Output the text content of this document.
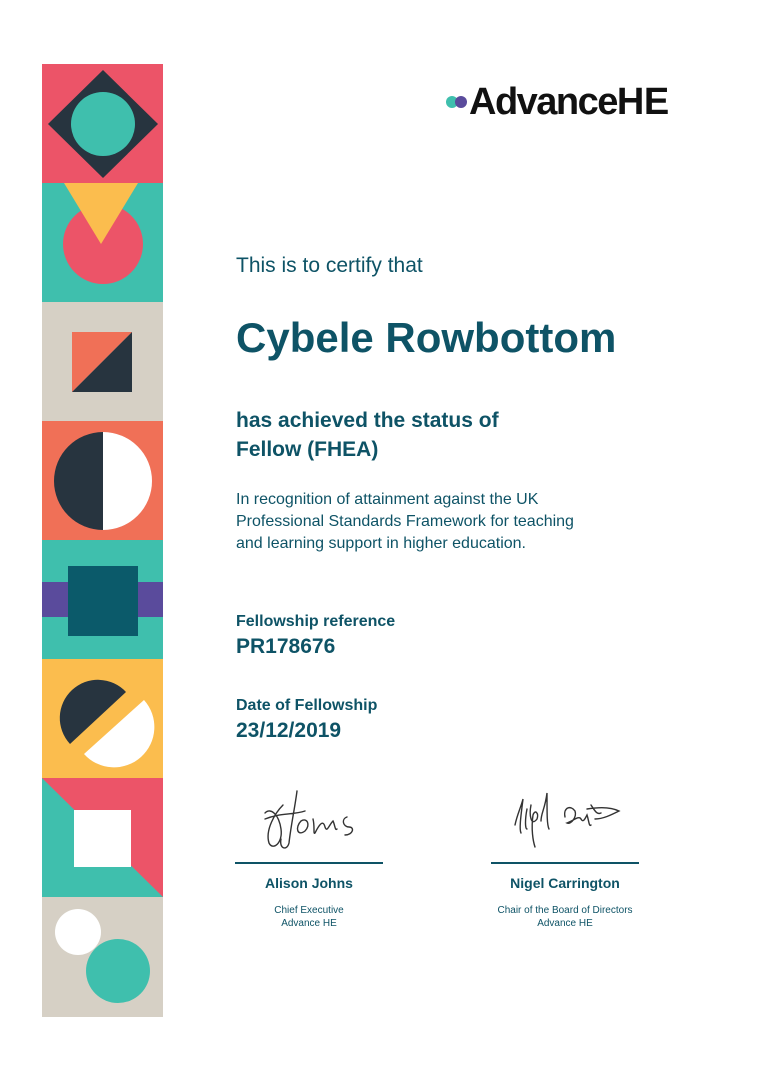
AdvanceHE
This is to certify that
Cybele Rowbottom
has achieved the status of
Fellow (FHEA)
In recognition of attainment against the UK Professional Standards Framework for teaching and learning support in higher education.
Fellowship reference
PR178676
Date of Fellowship
23/12/2019
Alison Johns
Chief Executive
Advance HE
Nigel Carrington
Chair of the Board of Directors
Advance HE
